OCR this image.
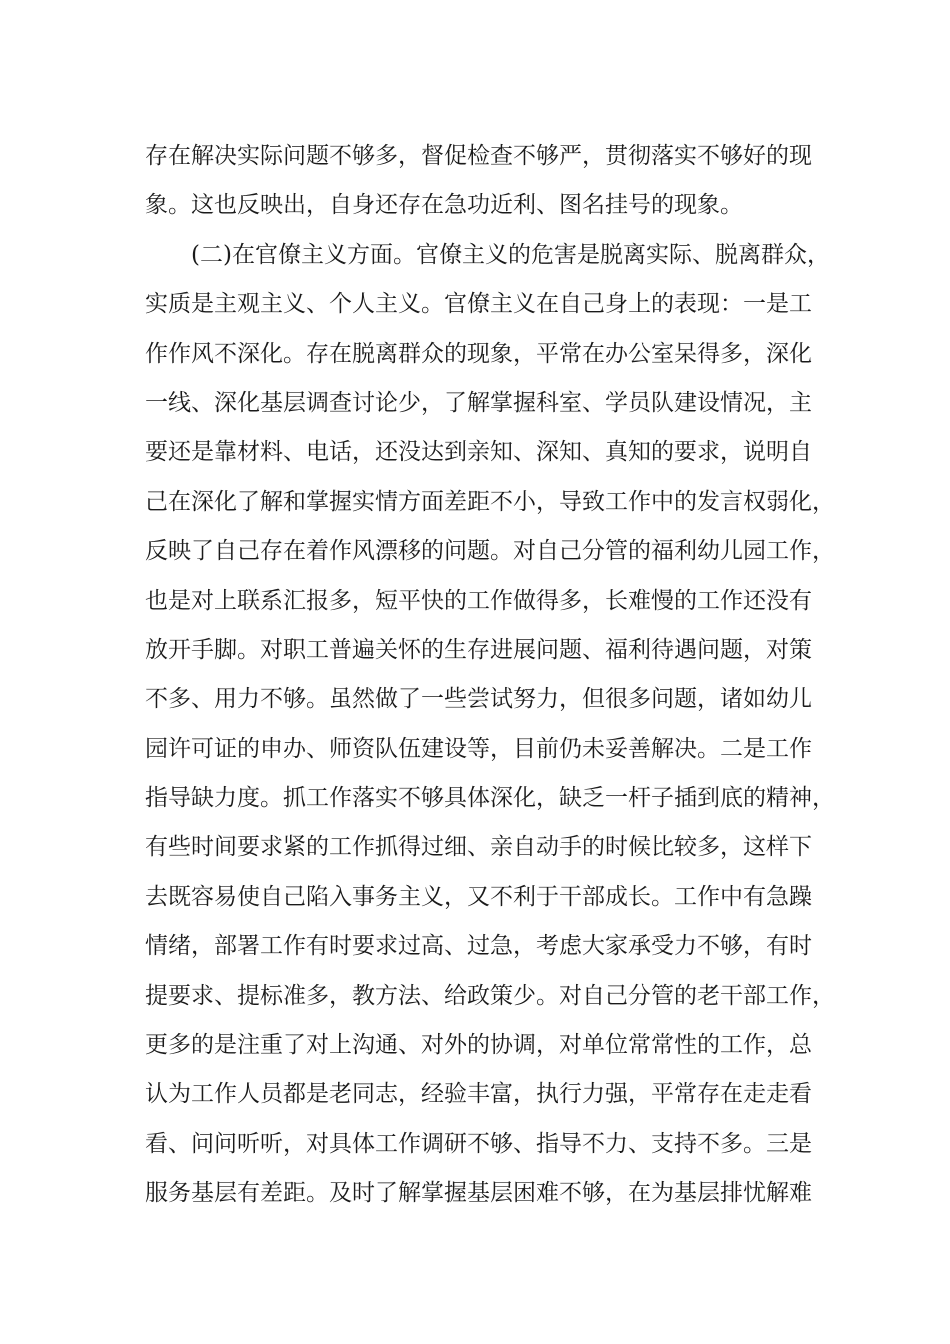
存在解决实际问题不够多，督促检查不够严，贯彻落实不够好的现
象。这也反映出，自身还存在急功近利、图名挂号的现象。
(二)在官僚主义方面。官僚主义的危害是脱离实际、脱离群众，
实质是主观主义、个人主义。官僚主义在自己身上的表现：一是工
作作风不深化。存在脱离群众的现象，平常在办公室呆得多，深化
一线、深化基层调查讨论少，了解掌握科室、学员队建设情况，主
要还是靠材料、电话，还没达到亲知、深知、真知的要求，说明自
己在深化了解和掌握实情方面差距不小，导致工作中的发言权弱化，
反映了自己存在着作风漂移的问题。对自己分管的福利幼儿园工作，
也是对上联系汇报多，短平快的工作做得多，长难慢的工作还没有
放开手脚。对职工普遍关怀的生存进展问题、福利待遇问题，对策
不多、用力不够。虽然做了一些尝试努力，但很多问题，诸如幼儿
园许可证的申办、师资队伍建设等，目前仍未妥善解决。二是工作
指导缺力度。抓工作落实不够具体深化，缺乏一杆子插到底的精神，
有些时间要求紧的工作抓得过细、亲自动手的时候比较多，这样下
去既容易使自己陷入事务主义，又不利于干部成长。工作中有急躁
情绪，部署工作有时要求过高、过急，考虑大家承受力不够，有时
提要求、提标准多，教方法、给政策少。对自己分管的老干部工作，
更多的是注重了对上沟通、对外的协调，对单位常常性的工作，总
认为工作人员都是老同志，经验丰富，执行力强，平常存在走走看
看、问问听听，对具体工作调研不够、指导不力、支持不多。三是
服务基层有差距。及时了解掌握基层困难不够，在为基层排忧解难
